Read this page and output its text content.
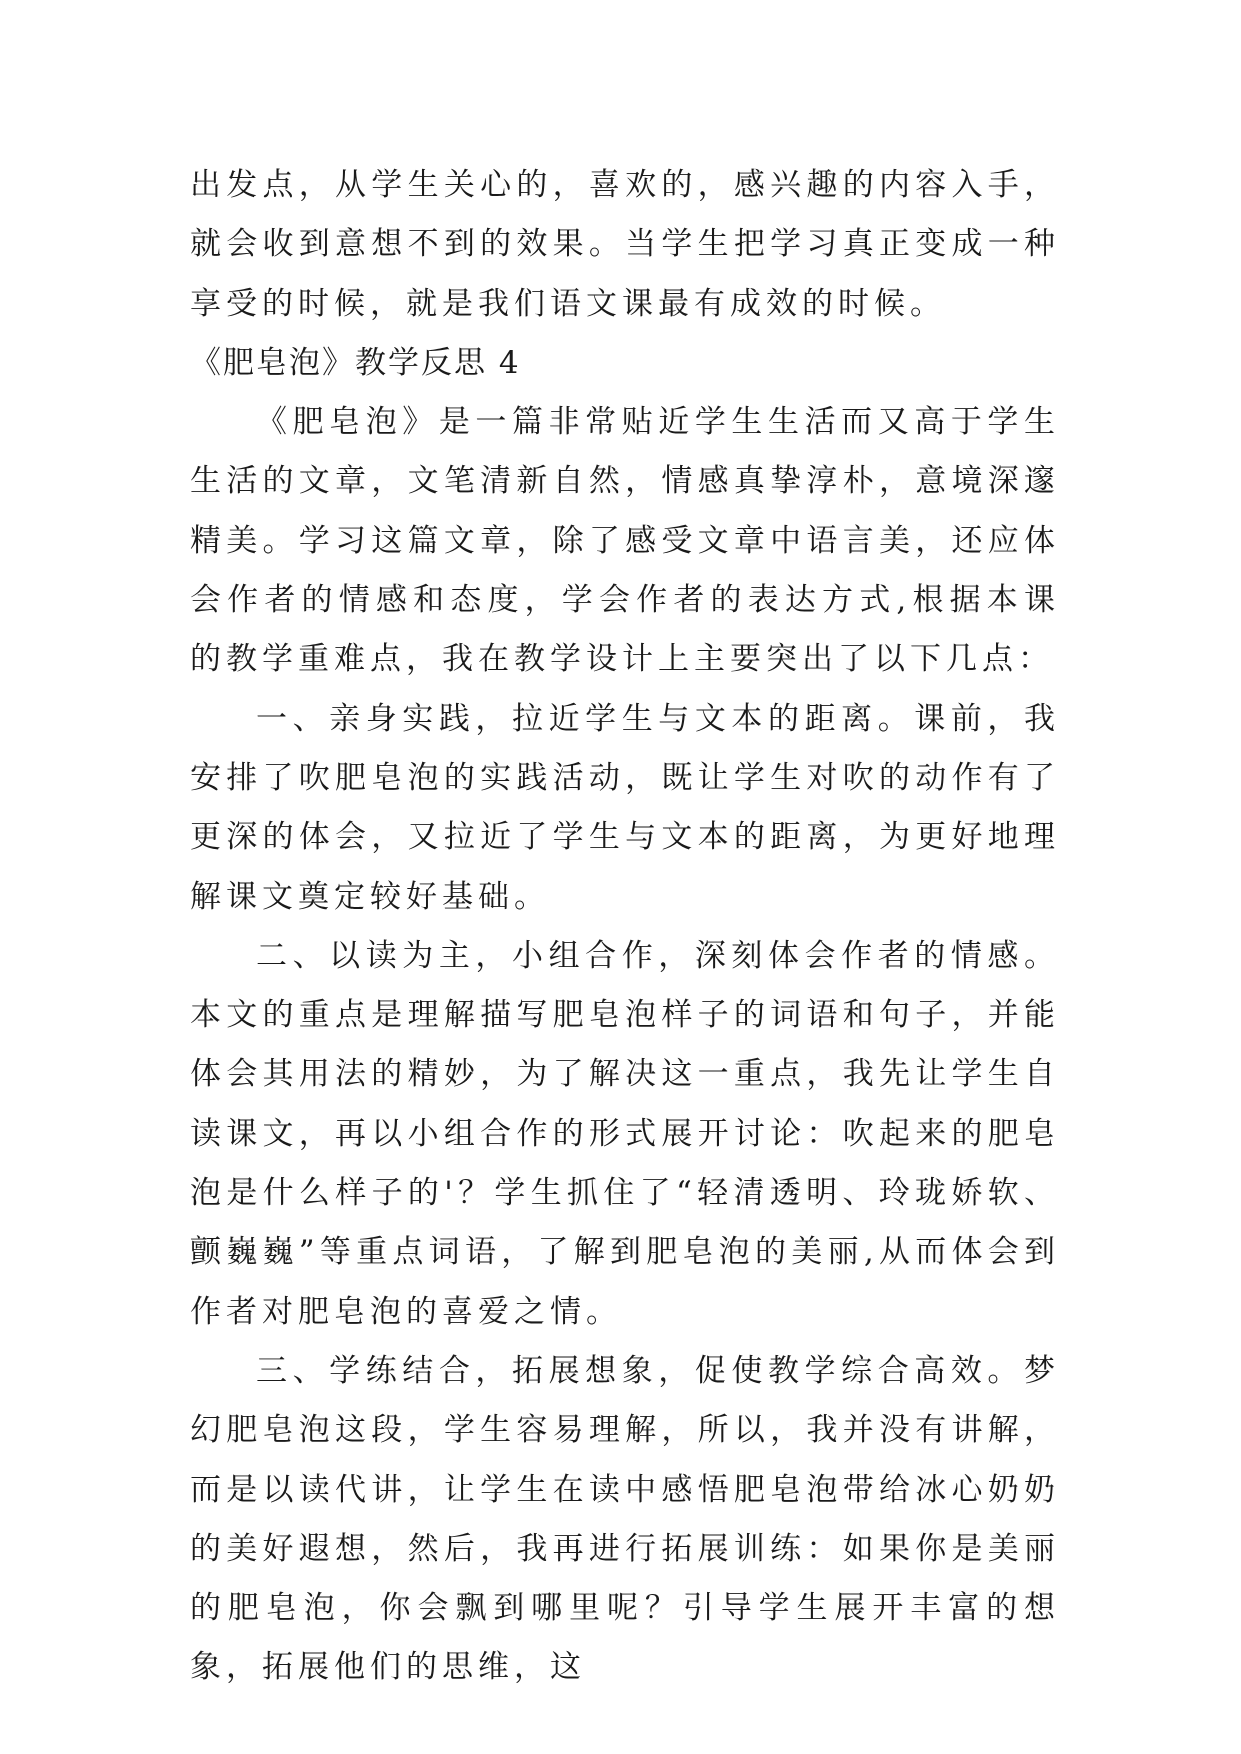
出发点，从学生关心的，喜欢的，感兴趣的内容入手，就会收到意想不到的效果。当学生把学习真正变成一种享受的时候，就是我们语文课最有成效的时候。

《肥皂泡》教学反思 4

《肥皂泡》是一篇非常贴近学生生活而又高于学生生活的文章，文笔清新自然，情感真挚淳朴，意境深邃精美。学习这篇文章，除了感受文章中语言美，还应体会作者的情感和态度，学会作者的表达方式,根据本课的教学重难点，我在教学设计上主要突出了以下几点：

一、亲身实践，拉近学生与文本的距离。课前，我安排了吹肥皂泡的实践活动，既让学生对吹的动作有了更深的体会，又拉近了学生与文本的距离，为更好地理解课文奠定较好基础。

二、以读为主，小组合作，深刻体会作者的情感。本文的重点是理解描写肥皂泡样子的词语和句子，并能体会其用法的精妙，为了解决这一重点，我先让学生自读课文，再以小组合作的形式展开讨论：吹起来的肥皂泡是什么样子的'？学生抓住了“轻清透明、玲珑娇软、颤巍巍”等重点词语，了解到肥皂泡的美丽,从而体会到作者对肥皂泡的喜爱之情。

三、学练结合，拓展想象，促使教学综合高效。梦幻肥皂泡这段，学生容易理解，所以，我并没有讲解，而是以读代讲，让学生在读中感悟肥皂泡带给冰心奶奶的美好遐想，然后，我再进行拓展训练：如果你是美丽的肥皂泡，你会飘到哪里呢？引导学生展开丰富的想象，拓展他们的思维，这
